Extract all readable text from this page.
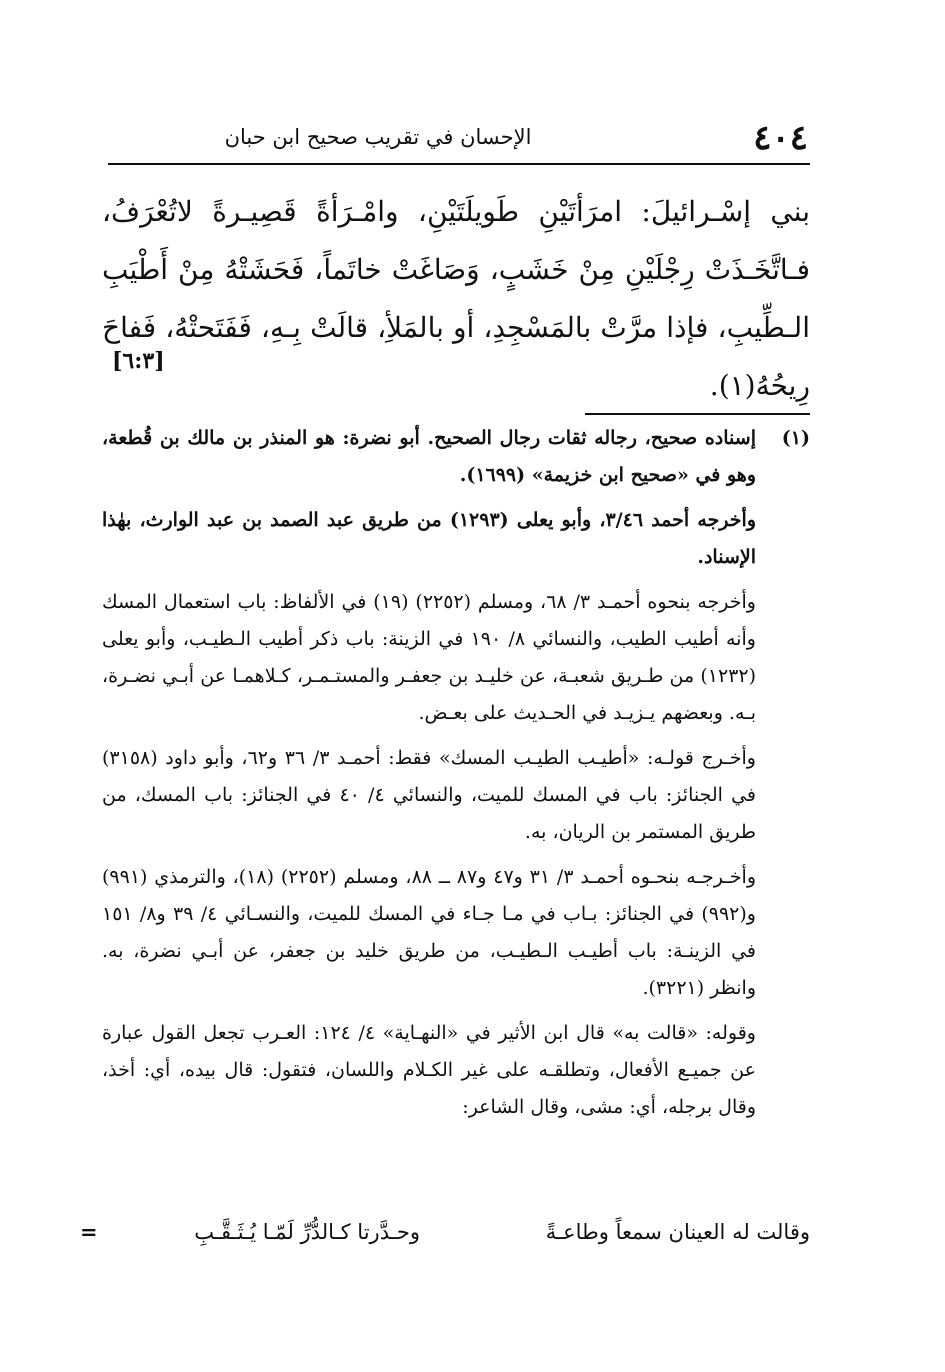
٤٠٤
الإحسان في تقريب صحيح ابن حبان
بني إسْـرائيلَ: امرَأتَيْنِ طَويلَتَيْنِ، وامْـرَأةً قَصِيـرةً لاتُعْرَفُ، فـاتَّخَـذَتْ رِجْلَيْنِ مِنْ خَشَبٍ، وَصَاغَتْ خاتَماً، فَحَشَتْهُ مِنْ أَطْيَبِ الـطِّيبِ، فإذا مرَّتْ بالمَسْجِدِ، أو بالمَلأِ، قالَتْ بِـهِ، فَفَتَحتْهُ، فَفاحَ رِيحُهُ(١).
[٦:٣]
(١)

إسناده صحيح، رجاله ثقات رجال الصحيح. أبو نضرة: هو المنذر بن مالك بن قُطعة، وهو في «صحيح ابن خزيمة» (١٦٩٩).

وأخرجه أحمد ٣/٤٦، وأبو يعلى (١٢٩٣) من طريق عبد الصمد بن عبد الوارث، بهٰذا الإسناد.

وأخرجه بنحوه أحمـد ٣/ ٦٨، ومسلم (٢٢٥٢) (١٩) في الألفاظ: باب استعمال المسك وأنه أطيب الطيب، والنسائي ٨/ ١٩٠ في الزينة: باب ذكر أطيب الـطيـب، وأبو يعلى (١٢٣٢) من طـريق شعبـة، عن خليـد بن جعفـر والمستـمـر، كـلاهمـا عن أبـي نضـرة، بـه. وبعضهم يـزيـد في الحـديث على بعـض.

وأخـرج قولـه: «أطيـب الطيـب المسك» فقط: أحمـد ٣/ ٣٦ و٦٢، وأبو داود (٣١٥٨) في الجنائز: باب في المسك للميت، والنسائي ٤/ ٤٠ في الجنائز: باب المسك، من طريق المستمر بن الريان، به.

وأخـرجـه بنحـوه أحمـد ٣/ ٣١ و٤٧ و٨٧ ــ ٨٨، ومسلم (٢٢٥٢) (١٨)، والترمذي (٩٩١) و(٩٩٢) في الجنائز: بـاب في مـا جـاء في المسك للميت، والنسـائي ٤/ ٣٩ و٨/ ١٥١ في الزينـة: باب أطيـب الـطيـب، من طريق خليد بن جعفر، عن أبـي نضرة، به. وانظر (٣٢٢١).

وقوله: «قالت به» قال ابن الأثير في «النهـاية» ٤/ ١٢٤: العـرب تجعل القول عبارة عن جميـع الأفعال، وتطلقـه على غير الكـلام واللسان، فتقول: قال بيده، أي: أخذ، وقال برجله، أي: مشى، وقال الشاعر:

وقالت له العينان سمعاً وطاعـةً
وحـدَّرتا كـالدُّرِّ لَمّـا يُـثَـقَّـبِ
=
